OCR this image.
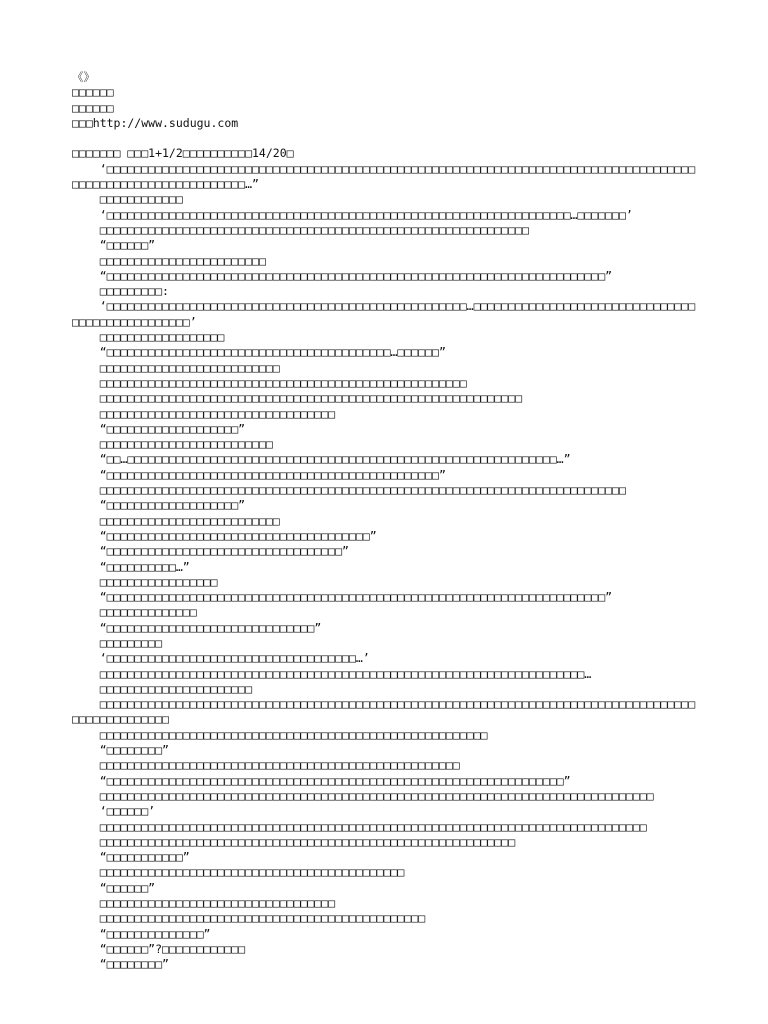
《》
□□□□□□
□□□□□□
□□□http://www.sudugu.com
□□□□□□□ □□□1+1/2□□□□□□□□□□14/20□
‘□□□□□□□□□□□□□□□□□□□□□□□□□□□□□□□□□□□□□□□□□□□□□□□□□□□□□□□□□□□□□□□□□□□□□□□□□□□□□□□□□□□□□□□□□□□□□□□□□□□□□□□□□□□□□□…”
□□□□□□□□□□□□
‘□□□□□□□□□□□□□□□□□□□□□□□□□□□□□□□□□□□□□□□□□□□□□□□□□□□□□□□□□□□□□□□□□□□…□□□□□□□’
□□□□□□□□□□□□□□□□□□□□□□□□□□□□□□□□□□□□□□□□□□□□□□□□□□□□□□□□□□□□□□
“□□□□□□”
□□□□□□□□□□□□□□□□□□□□□□□□
“□□□□□□□□□□□□□□□□□□□□□□□□□□□□□□□□□□□□□□□□□□□□□□□□□□□□□□□□□□□□□□□□□□□□□□□□”
□□□□□□□□□:
‘□□□□□□□□□□□□□□□□□□□□□□□□□□□□□□□□□□□□□□□□□□□□□□□□□□□□…□□□□□□□□□□□□□□□□□□□□□□□□□□□□□□□□□□□□□□□□□□□□□□□□□’
□□□□□□□□□□□□□□□□□□
“□□□□□□□□□□□□□□□□□□□□□□□□□□□□□□□□□□□□□□□□□…□□□□□□”
□□□□□□□□□□□□□□□□□□□□□□□□□□
□□□□□□□□□□□□□□□□□□□□□□□□□□□□□□□□□□□□□□□□□□□□□□□□□□□□□
□□□□□□□□□□□□□□□□□□□□□□□□□□□□□□□□□□□□□□□□□□□□□□□□□□□□□□□□□□□□□
□□□□□□□□□□□□□□□□□□□□□□□□□□□□□□□□□□
“□□□□□□□□□□□□□□□□□□□”
□□□□□□□□□□□□□□□□□□□□□□□□□
“□□…□□□□□□□□□□□□□□□□□□□□□□□□□□□□□□□□□□□□□□□□□□□□□□□□□□□□□□□□□□□□□□…”
“□□□□□□□□□□□□□□□□□□□□□□□□□□□□□□□□□□□□□□□□□□□□□□□□”
□□□□□□□□□□□□□□□□□□□□□□□□□□□□□□□□□□□□□□□□□□□□□□□□□□□□□□□□□□□□□□□□□□□□□□□□□□□□
“□□□□□□□□□□□□□□□□□□□”
□□□□□□□□□□□□□□□□□□□□□□□□□□
“□□□□□□□□□□□□□□□□□□□□□□□□□□□□□□□□□□□□□□”
“□□□□□□□□□□□□□□□□□□□□□□□□□□□□□□□□□□”
“□□□□□□□□□□…”
□□□□□□□□□□□□□□□□□
“□□□□□□□□□□□□□□□□□□□□□□□□□□□□□□□□□□□□□□□□□□□□□□□□□□□□□□□□□□□□□□□□□□□□□□□□”
□□□□□□□□□□□□□□
“□□□□□□□□□□□□□□□□□□□□□□□□□□□□□□”
□□□□□□□□□
‘□□□□□□□□□□□□□□□□□□□□□□□□□□□□□□□□□□□□…’
□□□□□□□□□□□□□□□□□□□□□□□□□□□□□□□□□□□□□□□□□□□□□□□□□□□□□□□□□□□□□□□□□□□□□□…
□□□□□□□□□□□□□□□□□□□□□□
□□□□□□□□□□□□□□□□□□□□□□□□□□□□□□□□□□□□□□□□□□□□□□□□□□□□□□□□□□□□□□□□□□□□□□□□□□□□□□□□□□□□□□□□□□□□□□□□□□□□
□□□□□□□□□□□□□□□□□□□□□□□□□□□□□□□□□□□□□□□□□□□□□□□□□□□□□□□□
“□□□□□□□□”
□□□□□□□□□□□□□□□□□□□□□□□□□□□□□□□□□□□□□□□□□□□□□□□□□□□□
“□□□□□□□□□□□□□□□□□□□□□□□□□□□□□□□□□□□□□□□□□□□□□□□□□□□□□□□□□□□□□□□□□□”
□□□□□□□□□□□□□□□□□□□□□□□□□□□□□□□□□□□□□□□□□□□□□□□□□□□□□□□□□□□□□□□□□□□□□□□□□□□□□□□□
‘□□□□□□’
□□□□□□□□□□□□□□□□□□□□□□□□□□□□□□□□□□□□□□□□□□□□□□□□□□□□□□□□□□□□□□□□□□□□□□□□□□□□□□□
□□□□□□□□□□□□□□□□□□□□□□□□□□□□□□□□□□□□□□□□□□□□□□□□□□□□□□□□□□□□
“□□□□□□□□□□□”
□□□□□□□□□□□□□□□□□□□□□□□□□□□□□□□□□□□□□□□□□□□□
“□□□□□□”
□□□□□□□□□□□□□□□□□□□□□□□□□□□□□□□□□□
□□□□□□□□□□□□□□□□□□□□□□□□□□□□□□□□□□□□□□□□□□□□□□□
“□□□□□□□□□□□□□□”
“□□□□□□”?□□□□□□□□□□□□
“□□□□□□□□”
